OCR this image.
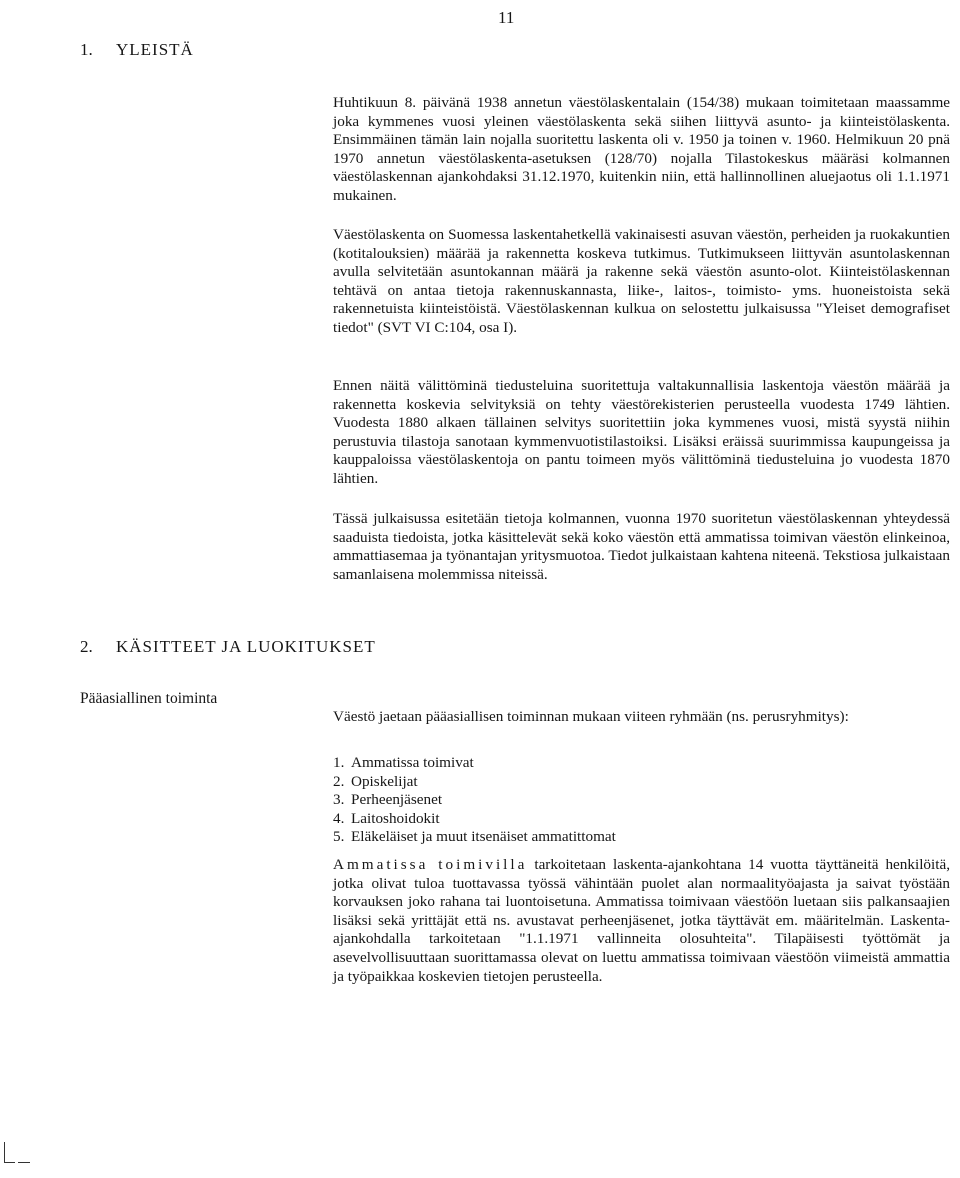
11
1. YLEISTÄ

Huhtikuun 8. päivänä 1938 annetun väestölaskentalain (154/38) mukaan toimitetaan maassamme joka kymmenes vuosi yleinen väestölaskenta sekä siihen liittyvä asunto- ja kiinteistölaskenta. Ensimmäinen tämän lain nojalla suoritettu laskenta oli v. 1950 ja toinen v. 1960. Helmikuun 20 pnä 1970 annetun väestölaskenta-asetuksen (128/70) nojalla Tilastokeskus määräsi kolmannen väestölaskennan ajankohdaksi 31.12.1970, kuitenkin niin, että hallinnollinen aluejaotus oli 1.1.1971 mukainen.

Väestölaskenta on Suomessa laskentahetkellä vakinaisesti asuvan väestön, perheiden ja ruokakuntien (kotitalouksien) määrää ja rakennetta koskeva tutkimus. Tutkimukseen liittyvän asuntolaskennan avulla selvitetään asuntokannan määrä ja rakenne sekä väestön asunto-olot. Kiinteistölaskennan tehtävä on antaa tietoja rakennuskannasta, liike-, laitos-, toimisto- yms. huoneistoista sekä rakennetuista kiinteistöistä. Väestölaskennan kulkua on selostettu julkaisussa "Yleiset demografiset tiedot" (SVT VI C:104, osa I).

Ennen näitä välittöminä tiedusteluina suoritettuja valtakunnallisia laskentoja väestön määrää ja rakennetta koskevia selvityksiä on tehty väestörekisterien perusteella vuodesta 1749 lähtien. Vuodesta 1880 alkaen tällainen selvitys suoritettiin joka kymmenes vuosi, mistä syystä niihin perustuvia tilastoja sanotaan kymmenvuotistilastoiksi. Lisäksi eräissä suurimmissa kaupungeissa ja kauppaloissa väestölaskentoja on pantu toimeen myös välittöminä tiedusteluina jo vuodesta 1870 lähtien.

Tässä julkaisussa esitetään tietoja kolmannen, vuonna 1970 suoritetun väestölaskennan yhteydessä saaduista tiedoista, jotka käsittelevät sekä koko väestön että ammatissa toimivan väestön elinkeinoa, ammattiasemaa ja työnantajan yritysmuotoa. Tiedot julkaistaan kahtena niteenä. Tekstiosa julkaistaan samanlaisena molemmissa niteissä.

2. KÄSITTEET JA LUOKITUKSET
Pääasiallinen toiminta

Väestö jaetaan pääasiallisen toiminnan mukaan viiteen ryhmään (ns. perusryhmitys):

1. Ammatissa toimivat
2. Opiskelijat
3. Perheenjäsenet
4. Laitoshoidokit
5. Eläkeläiset ja muut itsenäiset ammatittomat

Ammatissa toimivilla tarkoitetaan laskenta-ajankohtana 14 vuotta täyttäneitä henkilöitä, jotka olivat tuloa tuottavassa työssä vähintään puolet alan normaalityöajasta ja saivat työstään korvauksen joko rahana tai luontoisetuna. Ammatissa toimivaan väestöön luetaan siis palkansaajien lisäksi sekä yrittäjät että ns. avustavat perheenjäsenet, jotka täyttävät em. määritelmän. Laskenta-ajankohdalla tarkoitetaan "1.1.1971 vallinneita olosuhteita". Tilapäisesti työttömät ja asevelvollisuuttaan suorittamassa olevat on luettu ammatissa toimivaan väestöön viimeistä ammattia ja työpaikkaa koskevien tietojen perusteella.
